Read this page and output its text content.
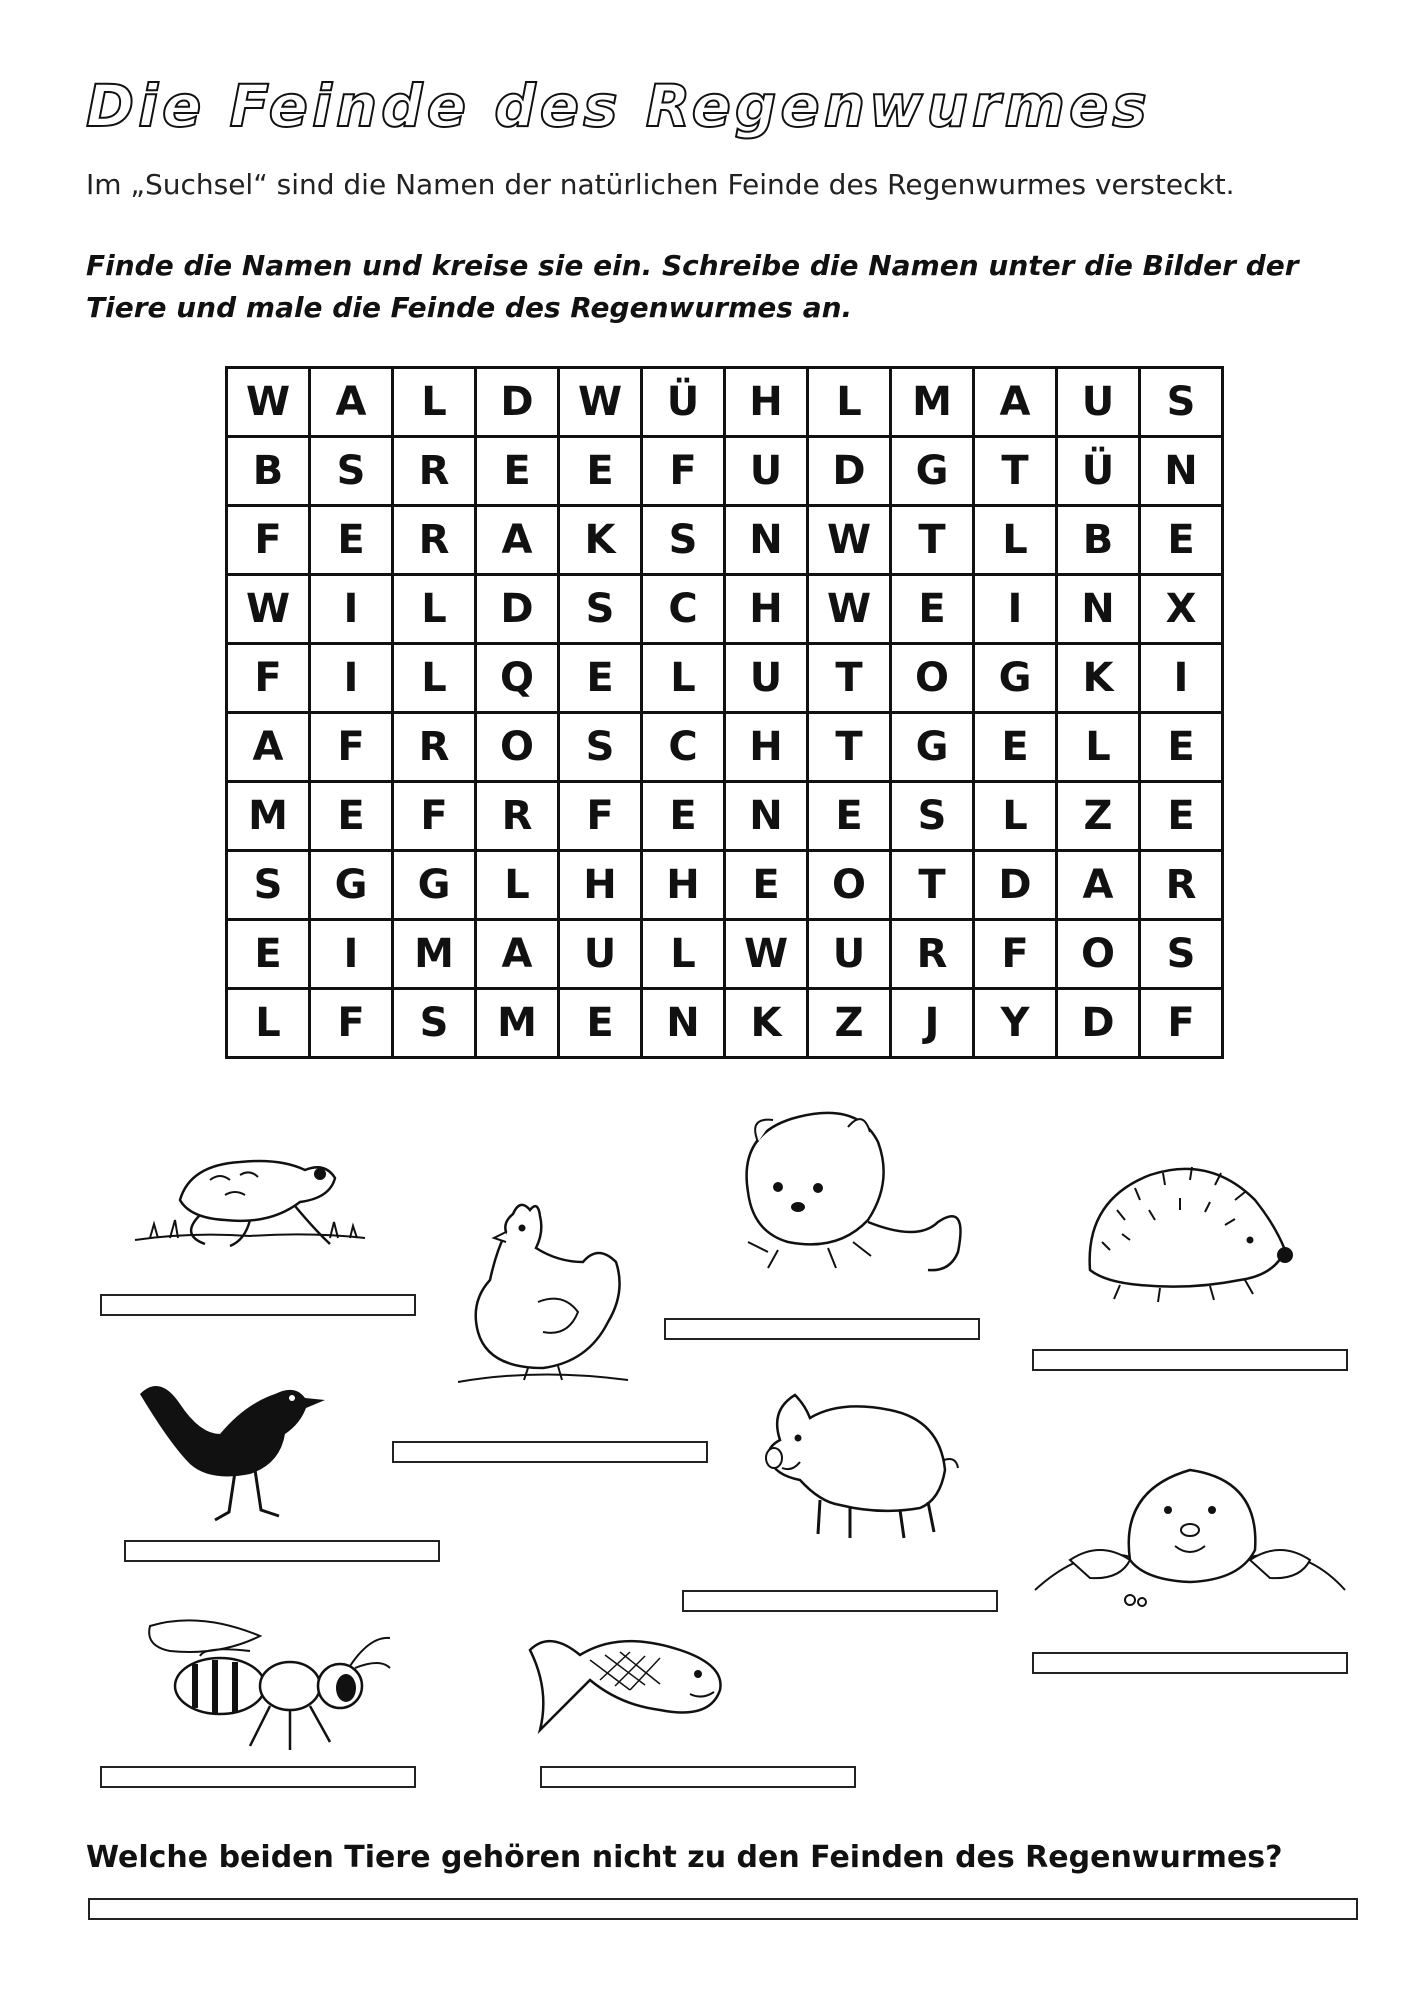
Die Feinde des Regenwurmes

Im „Suchsel“ sind die Namen der natürlichen Feinde des Regenwurmes versteckt.

Finde die Namen und kreise sie ein. Schreibe die Namen unter die Bilder der Tiere und male die Feinde des Regenwurmes an.

W	A	L	D	W	Ü	H	L	M	A	U	S
B	S	R	E	E	F	U	D	G	T	Ü	N
F	E	R	A	K	S	N	W	T	L	B	E
W	I	L	D	S	C	H	W	E	I	N	X
F	I	L	Q	E	L	U	T	O	G	K	I
A	F	R	O	S	C	H	T	G	E	L	E
M	E	F	R	F	E	N	E	S	L	Z	E
S	G	G	L	H	H	E	O	T	D	A	R
E	I	M	A	U	L	W	U	R	F	O	S
L	F	S	M	E	N	K	Z	J	Y	D	F

Welche beiden Tiere gehören nicht zu den Feinden des Regenwurmes?
